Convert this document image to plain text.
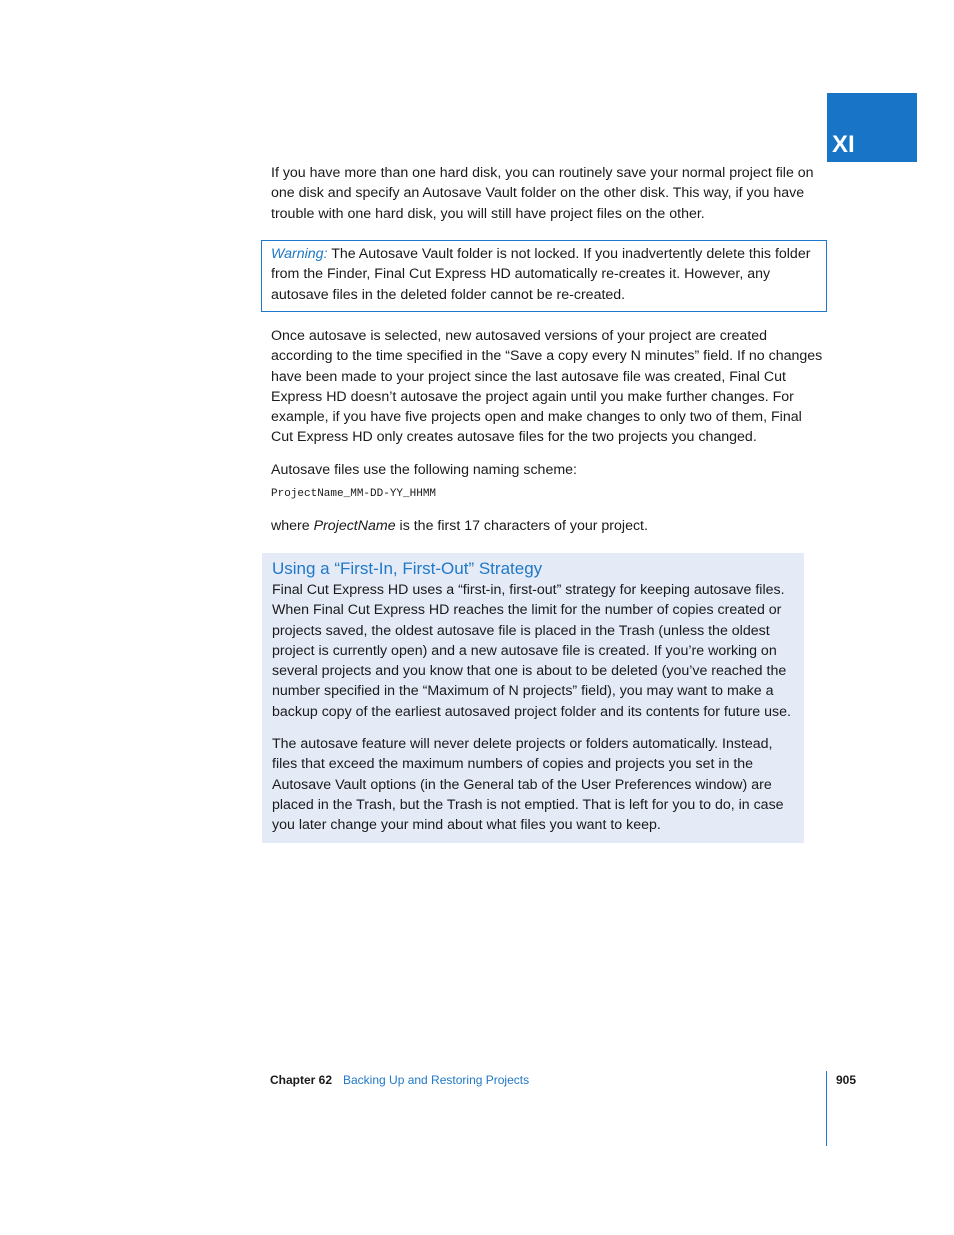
XI

If you have more than one hard disk, you can routinely save your normal project file on one disk and specify an Autosave Vault folder on the other disk. This way, if you have trouble with one hard disk, you will still have project files on the other.

Warning: The Autosave Vault folder is not locked. If you inadvertently delete this folder from the Finder, Final Cut Express HD automatically re-creates it. However, any autosave files in the deleted folder cannot be re-created.

Once autosave is selected, new autosaved versions of your project are created according to the time specified in the “Save a copy every N minutes” field. If no changes have been made to your project since the last autosave file was created, Final Cut Express HD doesn’t autosave the project again until you make further changes. For example, if you have five projects open and make changes to only two of them, Final Cut Express HD only creates autosave files for the two projects you changed.

Autosave files use the following naming scheme:

ProjectName_MM-DD-YY_HHMM

where ProjectName is the first 17 characters of your project.

Using a “First-In, First-Out” Strategy

Final Cut Express HD uses a “first-in, first-out” strategy for keeping autosave files. When Final Cut Express HD reaches the limit for the number of copies created or projects saved, the oldest autosave file is placed in the Trash (unless the oldest project is currently open) and a new autosave file is created. If you’re working on several projects and you know that one is about to be deleted (you’ve reached the number specified in the “Maximum of N projects” field), you may want to make a backup copy of the earliest autosaved project folder and its contents for future use.

The autosave feature will never delete projects or folders automatically. Instead, files that exceed the maximum numbers of copies and projects you set in the Autosave Vault options (in the General tab of the User Preferences window) are placed in the Trash, but the Trash is not emptied. That is left for you to do, in case you later change your mind about what files you want to keep.

Chapter 62 Backing Up and Restoring Projects	905
